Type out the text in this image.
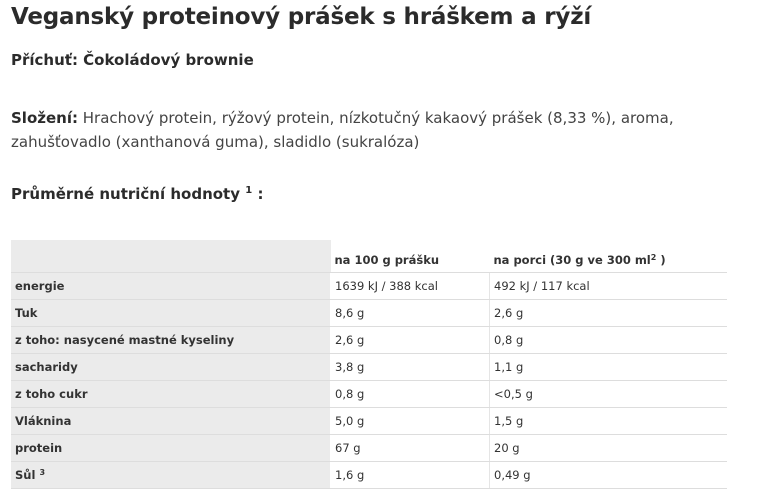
Veganský proteinový prášek s hráškem a rýží

Příchuť: Čokoládový brownie

Složení: Hrachový protein, rýžový protein, nízkotučný kakaový prášek (8,33 %), aroma, zahušťovadlo (xanthanová guma), sladidlo (sukralóza)

Průměrné nutriční hodnoty $^1$ :
	na 100 g prášku	na porci (30 g ve 300 $ml^2$ )
energie	1639 kJ / 388 kcal	492 kJ / 117 kcal
Tuk	8,6 g	2,6 g
z toho: nasycené mastné kyseliny	2,6 g	0,8 g
sacharidy	3,8 g	1,1 g
z toho cukr	0,8 g	<0,5 g
Vláknina	5,0 g	1,5 g
protein	67 g	20 g
Sůl $^3$	1,6 g	0,49 g
